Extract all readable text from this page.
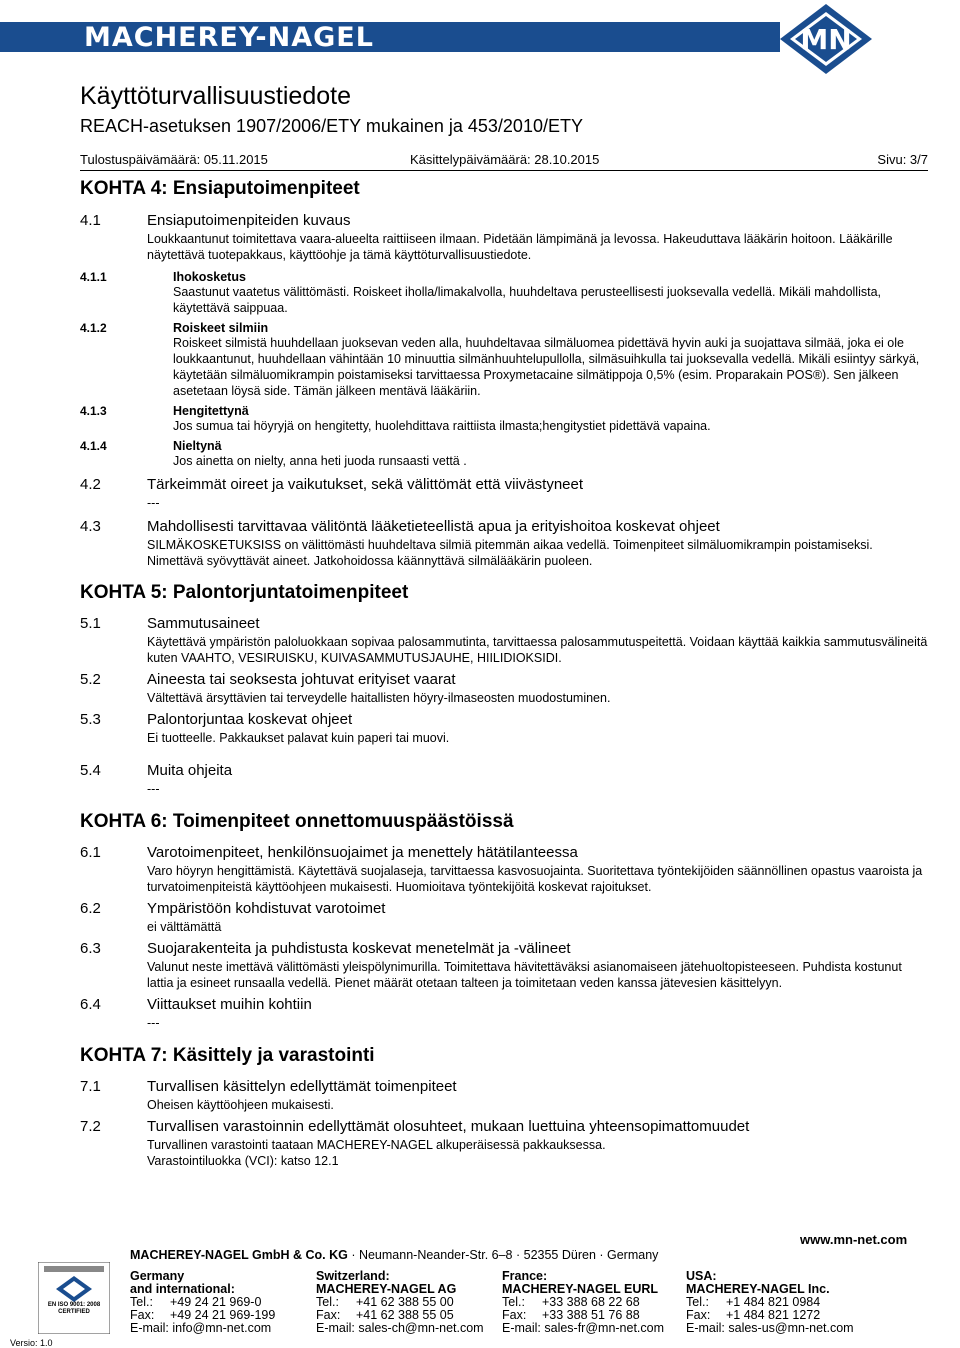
MACHEREY-NAGEL	MN
Käyttöturvallisuustiedote
REACH-asetuksen 1907/2006/ETY mukainen ja 453/2010/ETY
Tulostuspäivämäärä: 05.11.2015	Käsittelypäivämäärä: 28.10.2015	Sivu: 3/7
KOHTA 4: Ensiaputoimenpiteet
4.1	Ensiaputoimenpiteiden kuvaus
Loukkaantunut toimitettava vaara-alueelta raittiiseen ilmaan. Pidetään lämpimänä ja levossa. Hakeuduttava lääkärin hoitoon. Lääkärille näytettävä tuotepakkaus, käyttöohje ja tämä käyttöturvallisuustiedote.
4.1.1	Ihokosketus
Saastunut vaatetus välittömästi. Roiskeet iholla/limakalvolla, huuhdeltava perusteellisesti juoksevalla vedellä. Mikäli mahdollista, käytettävä saippuaa.
4.1.2	Roiskeet silmiin
Roiskeet silmistä huuhdellaan juoksevan veden alla, huuhdeltavaa silmäluomea pidettävä hyvin auki ja suojattava silmää, joka ei ole loukkaantunut, huuhdellaan vähintään 10 minuuttia silmänhuuhtelupullolla, silmäsuihkulla tai juoksevalla vedellä. Mikäli esiintyy särkyä, käytetään silmäluomikrampin poistamiseksi tarvittaessa Proxymetacaine silmätippoja 0,5% (esim. Proparakain POS®). Sen jälkeen asetetaan löysä side. Tämän jälkeen mentävä lääkäriin.
4.1.3	Hengitettynä
Jos sumua tai höyryjä on hengitetty, huolehdittava raittiista ilmasta;hengitystiet pidettävä vapaina.
4.1.4	Nieltynä
Jos ainetta on nielty, anna heti juoda runsaasti vettä .
4.2	Tärkeimmät oireet ja vaikutukset, sekä välittömät että viivästyneet
---
4.3	Mahdollisesti tarvittavaa välitöntä lääketieteellistä apua ja erityishoitoa koskevat ohjeet
SILMÄKOSKETUKSISS on välittömästi huuhdeltava silmiä pitemmän aikaa vedellä. Toimenpiteet silmäluomikrampin poistamiseksi. Nimettävä syövyttävät aineet. Jatkohoidossa käännyttävä silmälääkärin puoleen.
KOHTA 5: Palontorjuntatoimenpiteet
5.1	Sammutusaineet
Käytettävä ympäristön paloluokkaan sopivaa palosammutinta, tarvittaessa palosammutuspeitettä. Voidaan käyttää kaikkia sammutusvälineitä kuten VAAHTO, VESIRUISKU, KUIVASAMMUTUSJAUHE, HIILIDIOKSIDI.
5.2	Aineesta tai seoksesta johtuvat erityiset vaarat
Vältettävä ärsyttävien tai terveydelle haitallisten höyry-ilmaseosten muodostuminen.
5.3	Palontorjuntaa koskevat ohjeet
Ei tuotteelle. Pakkaukset palavat kuin paperi tai muovi.
5.4	Muita ohjeita
---
KOHTA 6: Toimenpiteet onnettomuuspäästöissä
6.1	Varotoimenpiteet, henkilönsuojaimet ja menettely hätätilanteessa
Varo höyryn hengittämistä. Käytettävä suojalaseja, tarvittaessa kasvosuojainta. Suoritettava työntekijöiden säännöllinen opastus vaaroista ja turvatoimenpiteistä käyttöohjeen mukaisesti. Huomioitava työntekijöitä koskevat rajoitukset.
6.2	Ympäristöön kohdistuvat varotoimet
ei välttämättä
6.3	Suojarakenteita ja puhdistusta koskevat menetelmät ja -välineet
Valunut neste imettävä välittömästi yleispölynimurilla. Toimitettava hävitettäväksi asianomaiseen jätehuoltopisteeseen. Puhdista kostunut lattia ja esineet runsaalla vedellä. Pienet määrät otetaan talteen ja toimitetaan veden kanssa jätevesien käsittelyyn.
6.4	Viittaukset muihin kohtiin
---
KOHTA 7: Käsittely ja varastointi
7.1	Turvallisen käsittelyn edellyttämät toimenpiteet
Oheisen käyttöohjeen mukaisesti.
7.2	Turvallisen varastoinnin edellyttämät olosuhteet, mukaan luettuina yhteensopimattomuudet
Turvallinen varastointi taataan MACHEREY-NAGEL alkuperäisessä pakkauksessa.
Varastointiluokka (VCI): katso 12.1
www.mn-net.com
MACHEREY-NAGEL GmbH & Co. KG · Neumann-Neander-Str. 6–8 · 52355 Düren · Germany
EN ISO 9001: 2008 CERTIFIED
Versio: 1.0
Germany
and international:
Tel.: +49 24 21 969-0
Fax: +49 24 21 969-199
E-mail: info@mn-net.com
Switzerland:
MACHEREY-NAGEL AG
Tel.: +41 62 388 55 00
Fax: +41 62 388 55 05
E-mail: sales-ch@mn-net.com
France:
MACHEREY-NAGEL EURL
Tel.: +33 388 68 22 68
Fax: +33 388 51 76 88
E-mail: sales-fr@mn-net.com
USA:
MACHEREY-NAGEL Inc.
Tel.: +1 484 821 0984
Fax: +1 484 821 1272
E-mail: sales-us@mn-net.com
